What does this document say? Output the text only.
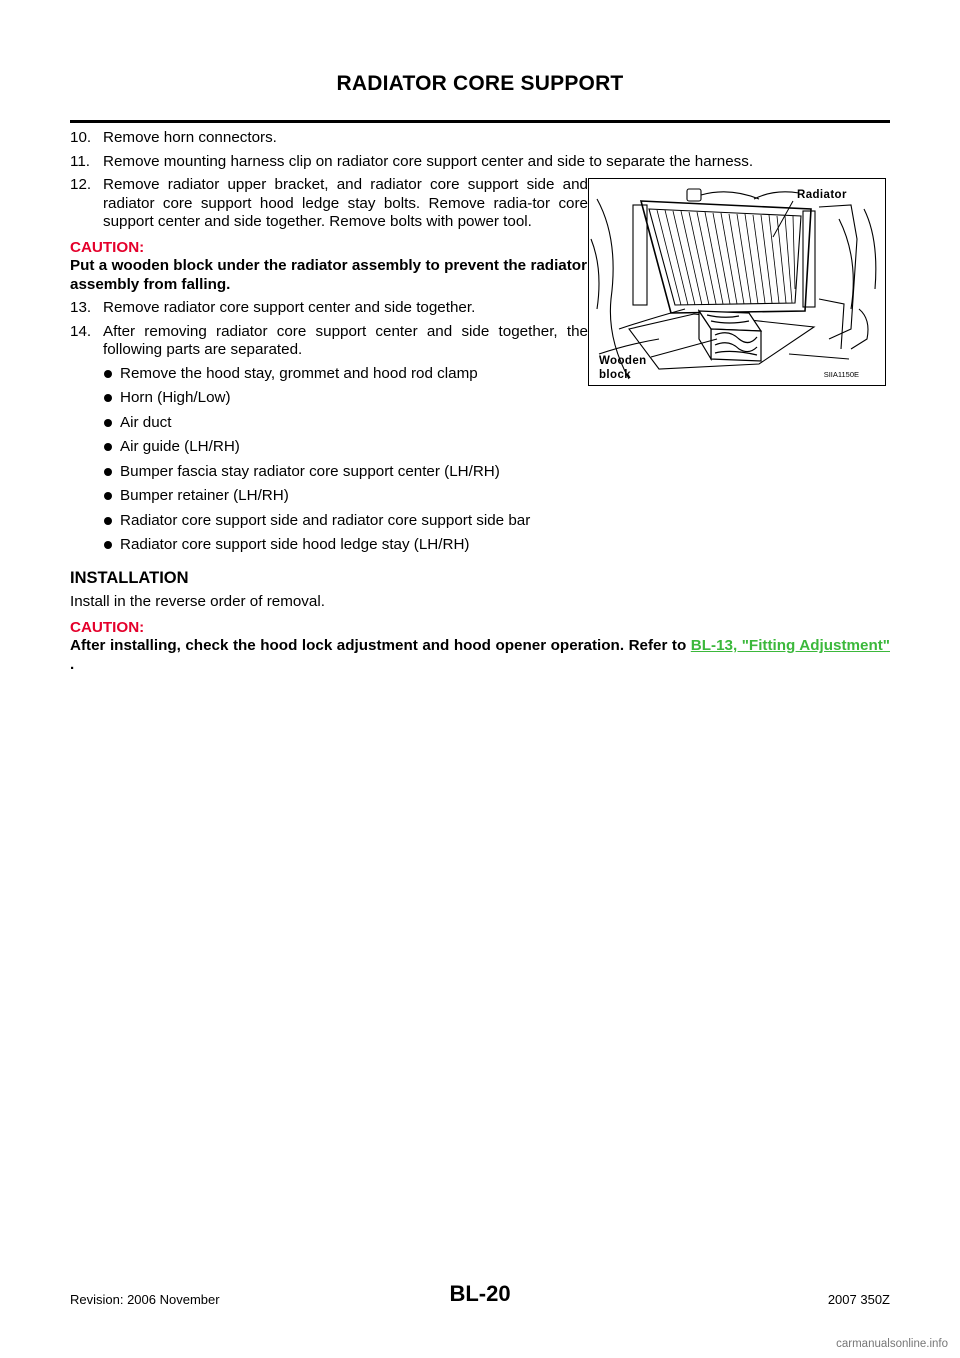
RADIATOR CORE SUPPORT
10. Remove horn connectors.
11. Remove mounting harness clip on radiator core support center and side to separate the harness.
12. Remove radiator upper bracket, and radiator core support side and radiator core support hood ledge stay bolts. Remove radia-tor core support center and side together. Remove bolts with power tool.
CAUTION:
Put a wooden block under the radiator assembly to prevent the radiator assembly from falling.
13. Remove radiator core support center and side together.
14. After removing radiator core support center and side together, the following parts are separated.
Remove the hood stay, grommet and hood rod clamp
Horn (High/Low)
Air duct
Air guide (LH/RH)
Bumper fascia stay radiator core support center (LH/RH)
Bumper retainer (LH/RH)
Radiator core support side and radiator core support side bar
Radiator core support side hood ledge stay (LH/RH)
INSTALLATION
Install in the reverse order of removal.
CAUTION:
After installing, check the hood lock adjustment and hood opener operation. Refer to BL-13, "Fitting Adjustment" .
Radiator
Wooden
block	SIIA1150E
Revision: 2006 November	BL-20	2007 350Z
carmanualsonline.info
